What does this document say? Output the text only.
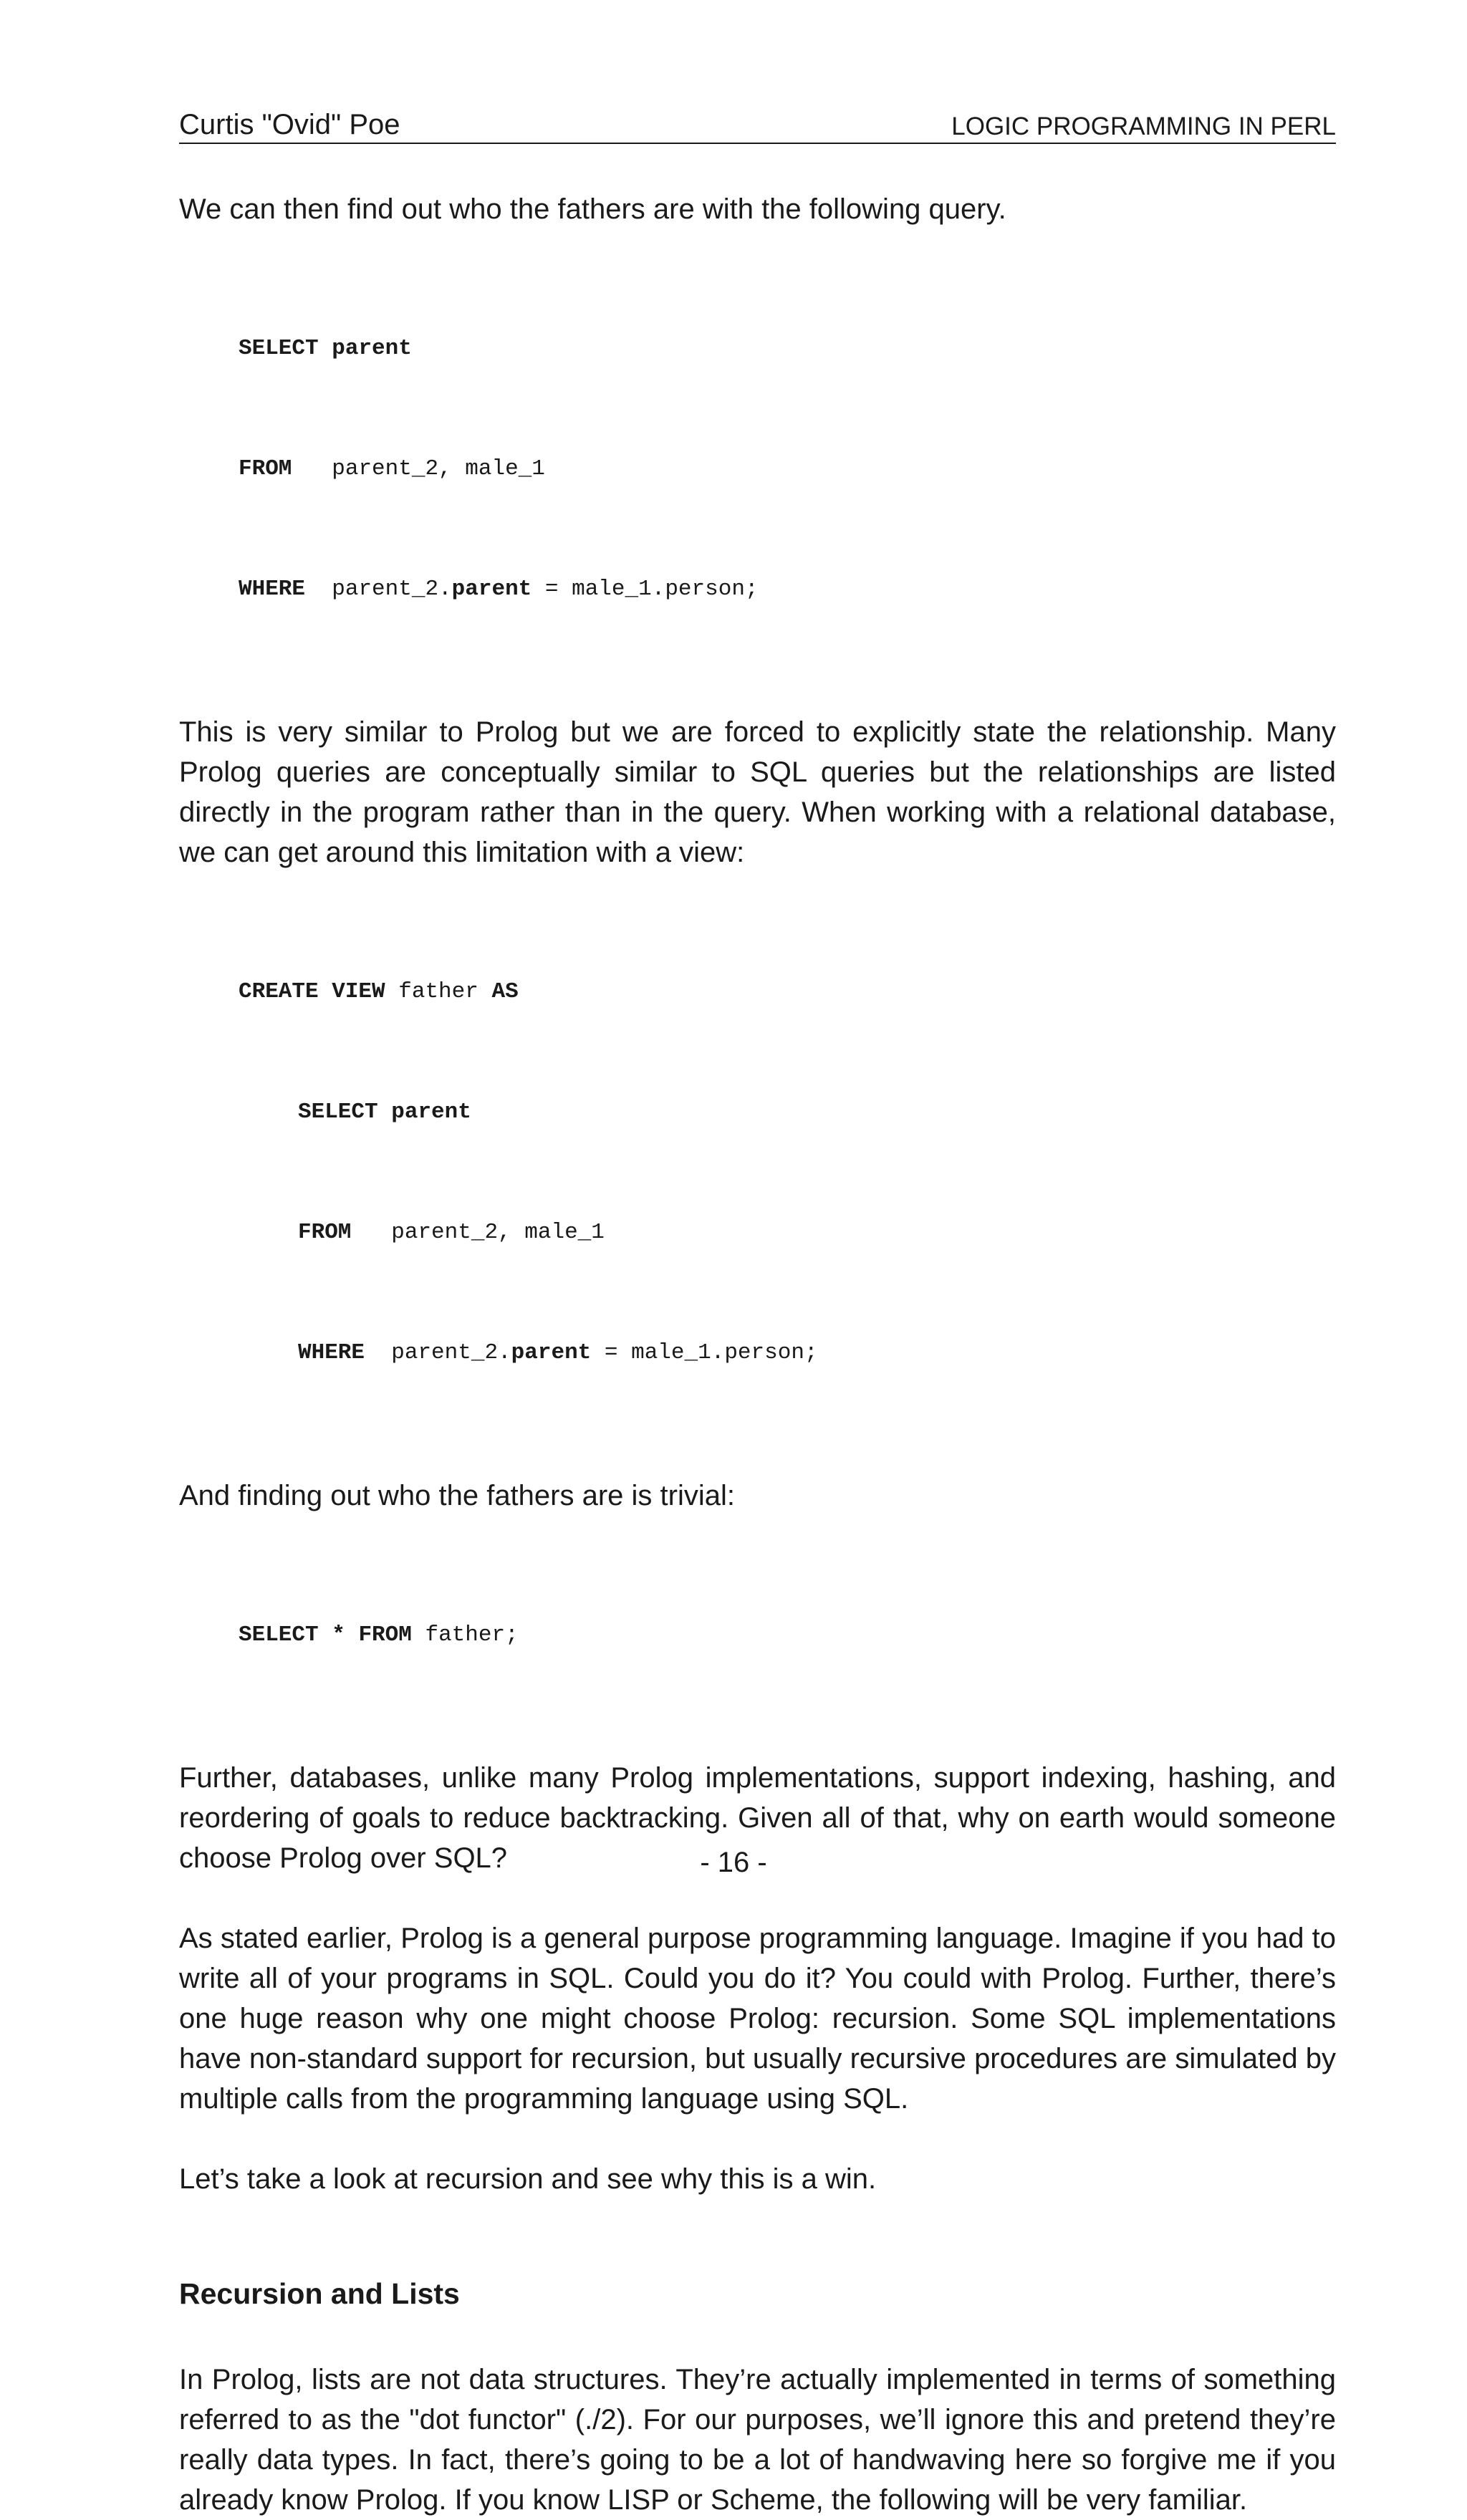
Curtis "Ovid" Poe	LOGIC PROGRAMMING IN PERL

We can then find out who the fathers are with the following query.

SELECT parent

FROM parent_2, male_1

WHERE parent_2.parent = male_1.person;

This is very similar to Prolog but we are forced to explicitly state the relationship. Many Prolog queries are conceptually similar to SQL queries but the relationships are listed directly in the program rather than in the query. When working with a relational database, we can get around this limitation with a view:

CREATE VIEW father AS

SELECT parent

FROM parent_2, male_1

WHERE parent_2.parent = male_1.person;

And finding out who the fathers are is trivial:

SELECT * FROM father;

Further, databases, unlike many Prolog implementations, support indexing, hashing, and reordering of goals to reduce backtracking. Given all of that, why on earth would someone choose Prolog over SQL?

As stated earlier, Prolog is a general purpose programming language. Imagine if you had to write all of your programs in SQL. Could you do it? You could with Prolog. Further, there’s one huge reason why one might choose Prolog: recursion. Some SQL implementations have non-standard support for recursion, but usually recursive procedures are simulated by multiple calls from the programming language using SQL.

Let’s take a look at recursion and see why this is a win.

Recursion and Lists

In Prolog, lists are not data structures. They’re actually implemented in terms of something referred to as the "dot functor" (./2). For our purposes, we’ll ignore this and pretend they’re really data types. In fact, there’s going to be a lot of handwaving here so forgive me if you already know Prolog. If you know LISP or Scheme, the following will be very familiar.

- 16 -
